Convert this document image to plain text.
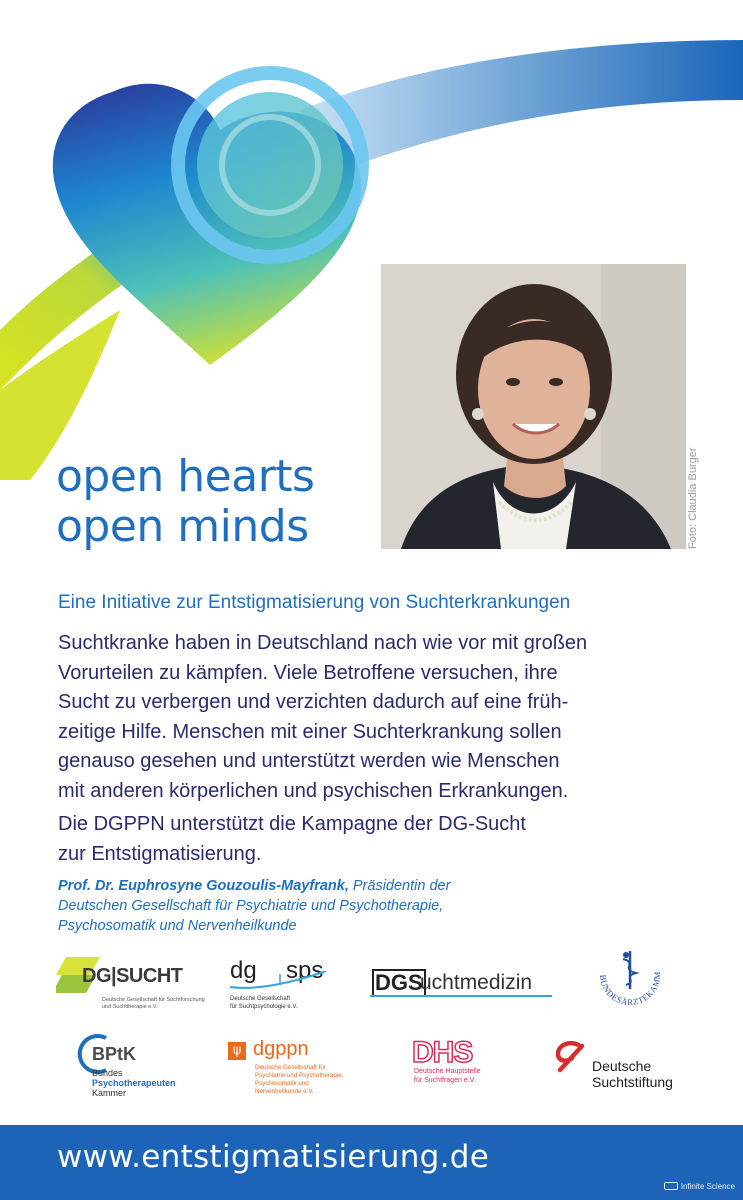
open hearts
open minds	Foto: Claudia Burger
Eine Initiative zur Entstigmatisierung von Suchterkrankungen
Suchtkranke haben in Deutschland nach wie vor mit großen
Vorurteilen zu kämpfen. Viele Betroffene versuchen, ihre
Sucht zu verbergen und verzichten dadurch auf eine früh-
zeitige Hilfe. Menschen mit einer Suchterkrankung sollen
genauso gesehen und unterstützt werden wie Menschen
mit anderen körperlichen und psychischen Erkrankungen.
Die DGPPN unterstützt die Kampagne der DG-Sucht
zur Entstigmatisierung.
Prof. Dr. Euphrosyne Gouzoulis-Mayfrank, Präsidentin der
Deutschen Gesellschaft für Psychiatrie und Psychotherapie,
Psychosomatik und Nervenheilkunde
DG|SUCHT
Deutsche Gesellschaft für Suchtforschung
und Suchttherapie e.V.
dg sps
Deutsche Gesellschaft
für Suchtpsychologie e.V.
DGS
uchtmedizin	BUNDESÄRZTEKAMM
BPtK
Bundes
Psychotherapeuten
Kammer
ψ dgppn
Deutsche Gesellschaft für
Psychiatrie und Psychotherapie,
Psychosomatik und
Nervenheilkunde e.V.
DHS
Deutsche Hauptstelle
für Suchtfragen e.V.
Deutsche
Suchtstiftung
www.entstigmatisierung.de
Infinite Science
